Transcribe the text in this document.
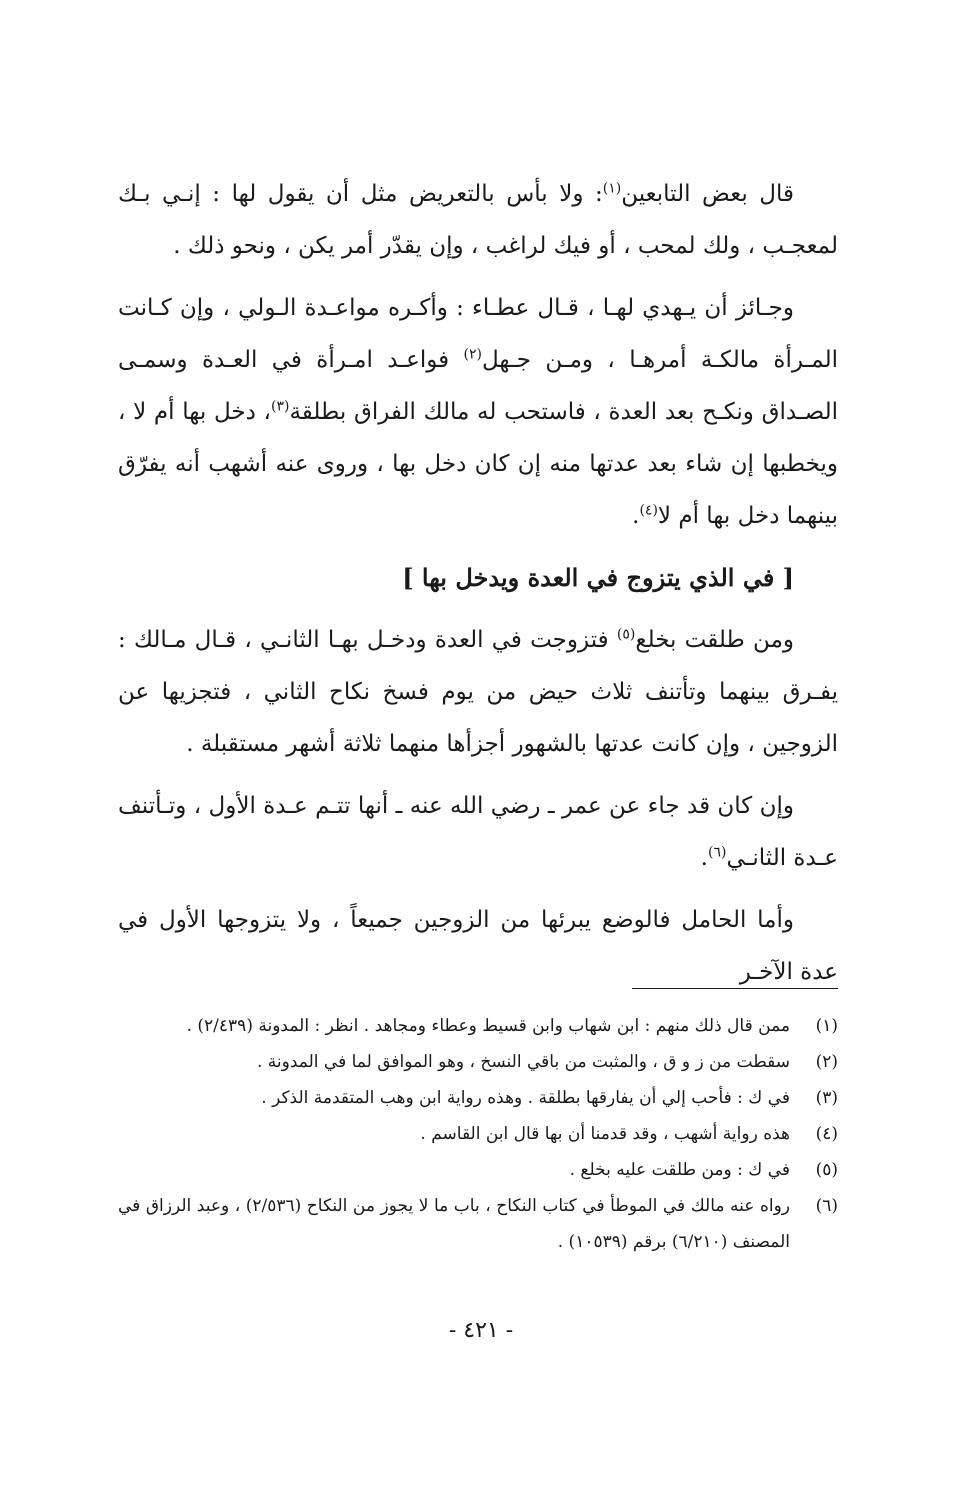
قال بعض التابعين$^{(١)}$: ولا بأس بالتعريض مثل أن يقول لها : إنـي بـك لمعجـب ، ولك لمحب ، أو فيك لراغب ، وإن يقدّر أمر يكن ، ونحو ذلك .

وجـائز أن يـهدي لهـا ، قـال عطـاء : وأكـره مواعـدة الـولي ، وإن كـانت المـرأة مالكـة أمرهـا ، ومـن جـهل$^{(٢)}$ فواعـد امـرأة في العـدة وسمـى الصـداق ونكـح بعد العدة ، فاستحب له مالك الفراق بطلقة$^{(٣)}$، دخل بها أم لا ، ويخطبها إن شاء بعد عدتها منه إن كان دخل بها ، وروى عنه أشهب أنه يفرّق بينهما دخل بها أم لا$^{(٤)}$.

[ في الذي يتزوج في العدة ويدخل بها ]

ومن طلقت بخلع$^{(٥)}$ فتزوجت في العدة ودخـل بهـا الثانـي ، قـال مـالك : يفـرق بينهما وتأتنف ثلاث حيض من يوم فسخ نكاح الثاني ، فتجزيها عن الزوجين ، وإن كانت عدتها بالشهور أجزأها منهما ثلاثة أشهر مستقبلة .

وإن كان قد جاء عن عمر ـ رضي الله عنه ـ أنها تتـم عـدة الأول ، وتـأتنف عـدة الثانـي$^{(٦)}$.

وأما الحامل فالوضع يبرئها من الزوجين جميعاً ، ولا يتزوجها الأول في عدة الآخـر

(١)ممن قال ذلك منهم : ابن شهاب وابن قسيط وعطاء ومجاهد . انظر : المدونة (٢/٤٣٩) .

(٢)سقطت من ز و ق ، والمثبت من باقي النسخ ، وهو الموافق لما في المدونة .

(٣)في ك : فأحب إلي أن يفارقها بطلقة . وهذه رواية ابن وهب المتقدمة الذكر .

(٤)هذه رواية أشهب ، وقد قدمنا أن بها قال ابن القاسم .

(٥)في ك : ومن طلقت عليه بخلع .

(٦)رواه عنه مالك في الموطأ في كتاب النكاح ، باب ما لا يجوز من النكاح (٢/٥٣٦) ، وعبد الرزاق في المصنف (٦/٢١٠) برقم (١٠٥٣٩) .

- ٤٢١ -
